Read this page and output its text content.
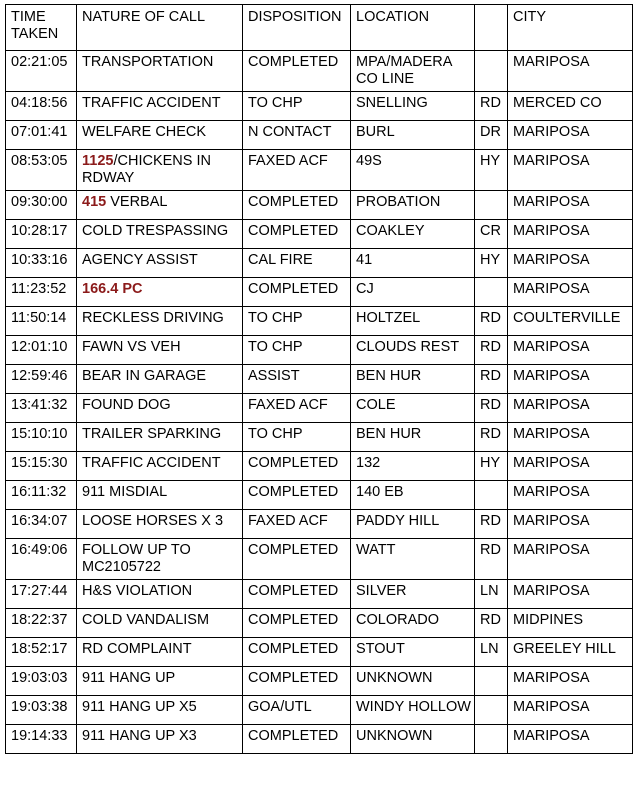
TIME TAKEN	NATURE OF CALL	DISPOSITION	LOCATION		CITY
02:21:05	TRANSPORTATION	COMPLETED	MPA/MADERA CO LINE		MARIPOSA
04:18:56	TRAFFIC ACCIDENT	TO CHP	SNELLING	RD	MERCED CO
07:01:41	WELFARE CHECK	N CONTACT	BURL	DR	MARIPOSA
08:53:05	1125/CHICKENS IN RDWAY	FAXED ACF	49S	HY	MARIPOSA
09:30:00	415 VERBAL	COMPLETED	PROBATION		MARIPOSA
10:28:17	COLD TRESPASSING	COMPLETED	COAKLEY	CR	MARIPOSA
10:33:16	AGENCY ASSIST	CAL FIRE	41	HY	MARIPOSA
11:23:52	166.4 PC	COMPLETED	CJ		MARIPOSA
11:50:14	RECKLESS DRIVING	TO CHP	HOLTZEL	RD	COULTERVILLE
12:01:10	FAWN VS VEH	TO CHP	CLOUDS REST	RD	MARIPOSA
12:59:46	BEAR IN GARAGE	ASSIST	BEN HUR	RD	MARIPOSA
13:41:32	FOUND DOG	FAXED ACF	COLE	RD	MARIPOSA
15:10:10	TRAILER SPARKING	TO CHP	BEN HUR	RD	MARIPOSA
15:15:30	TRAFFIC ACCIDENT	COMPLETED	132	HY	MARIPOSA
16:11:32	911 MISDIAL	COMPLETED	140 EB		MARIPOSA
16:34:07	LOOSE HORSES X 3	FAXED ACF	PADDY HILL	RD	MARIPOSA
16:49:06	FOLLOW UP TO MC2105722	COMPLETED	WATT	RD	MARIPOSA
17:27:44	H&S VIOLATION	COMPLETED	SILVER	LN	MARIPOSA
18:22:37	COLD VANDALISM	COMPLETED	COLORADO	RD	MIDPINES
18:52:17	RD COMPLAINT	COMPLETED	STOUT	LN	GREELEY HILL
19:03:03	911 HANG UP	COMPLETED	UNKNOWN		MARIPOSA
19:03:38	911 HANG UP X5	GOA/UTL	WINDY HOLLOW		MARIPOSA
19:14:33	911 HANG UP X3	COMPLETED	UNKNOWN		MARIPOSA
